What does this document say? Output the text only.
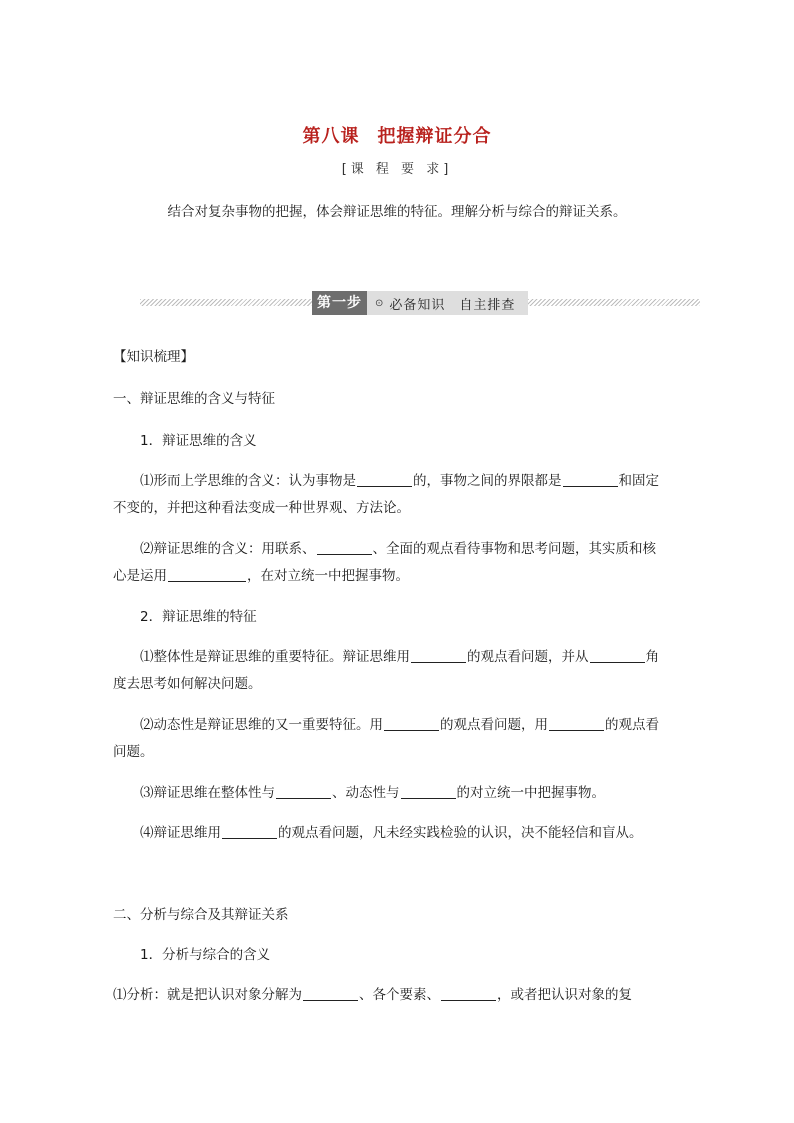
第八课 把握辩证分合
[课 程 要 求]
结合对复杂事物的把握，体会辩证思维的特征。理解分析与综合的辩证关系。
第一步	⊙ 必备知识　自主排查
【知识梳理】
一、辩证思维的含义与特征
1．辩证思维的含义
⑴形而上学思维的含义：认为事物是	的，事物之间的界限都是	和固定
不变的，并把这种看法变成一种世界观、方法论。
⑵辩证思维的含义：用联系、	、全面的观点看待事物和思考问题，其实质和核
心是运用	，在对立统一中把握事物。
2．辩证思维的特征
⑴整体性是辩证思维的重要特征。辩证思维用	的观点看问题，并从	角
度去思考如何解决问题。
⑵动态性是辩证思维的又一重要特征。用	的观点看问题，用	的观点看
问题。
⑶辩证思维在整体性与	、动态性与	的对立统一中把握事物。
⑷辩证思维用	的观点看问题，凡未经实践检验的认识，决不能轻信和盲从。
二、分析与综合及其辩证关系
1．分析与综合的含义
⑴分析：就是把认识对象分解为	、各个要素、	，或者把认识对象的复
